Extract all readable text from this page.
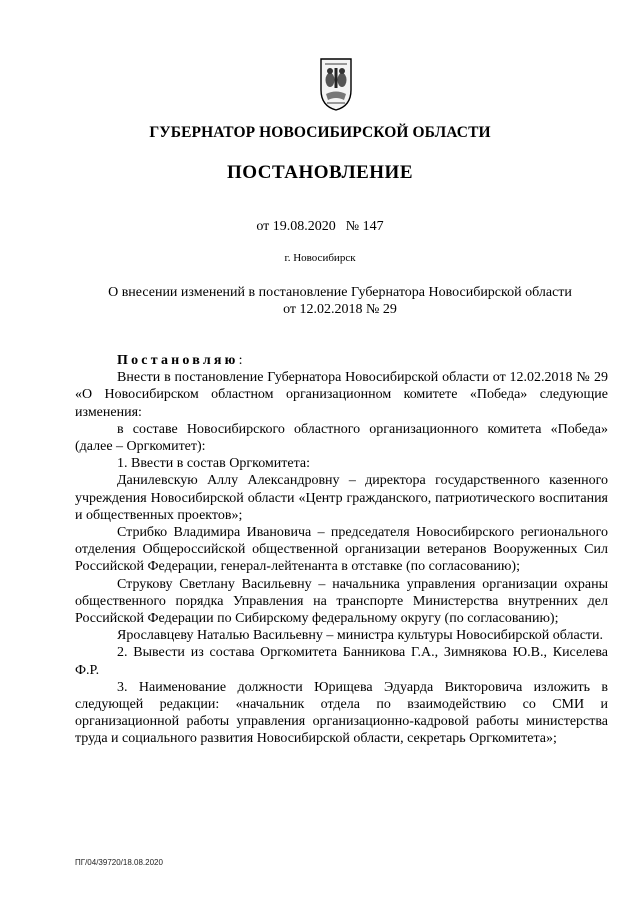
ГУБЕРНАТОР НОВОСИБИРСКОЙ ОБЛАСТИ
ПОСТАНОВЛЕНИЕ
от 19.08.2020 № 147
г. Новосибирск
О внесении изменений в постановление Губернатора Новосибирской области
от 12.02.2018 № 29

Постановляю:

Внести в постановление Губернатора Новосибирской области от 12.02.2018 № 29 «О Новосибирском областном организационном комитете «Победа» следующие изменения:

в составе Новосибирского областного организационного комитета «Победа» (далее – Оргкомитет):

1. Ввести в состав Оргкомитета:

Данилевскую Аллу Александровну – директора государственного казенного учреждения Новосибирской области «Центр гражданского, патриотического воспитания и общественных проектов»;

Стрибко Владимира Ивановича – председателя Новосибирского регионального отделения Общероссийской общественной организации ветеранов Вооруженных Сил Российской Федерации, генерал-лейтенанта в отставке (по согласованию);

Струкову Светлану Васильевну – начальника управления организации охраны общественного порядка Управления на транспорте Министерства внутренних дел Российской Федерации по Сибирскому федеральному округу (по согласованию);

Ярославцеву Наталью Васильевну – министра культуры Новосибирской области.

2. Вывести из состава Оргкомитета Банникова Г.А., Зимнякова Ю.В., Киселева Ф.Р.

3. Наименование должности Юрищева Эдуарда Викторовича изложить в следующей редакции: «начальник отдела по взаимодействию со СМИ и организационной работы управления организационно-кадровой работы министерства труда и социального развития Новосибирской области, секретарь Оргкомитета»;

ПГ/04/39720/18.08.2020
